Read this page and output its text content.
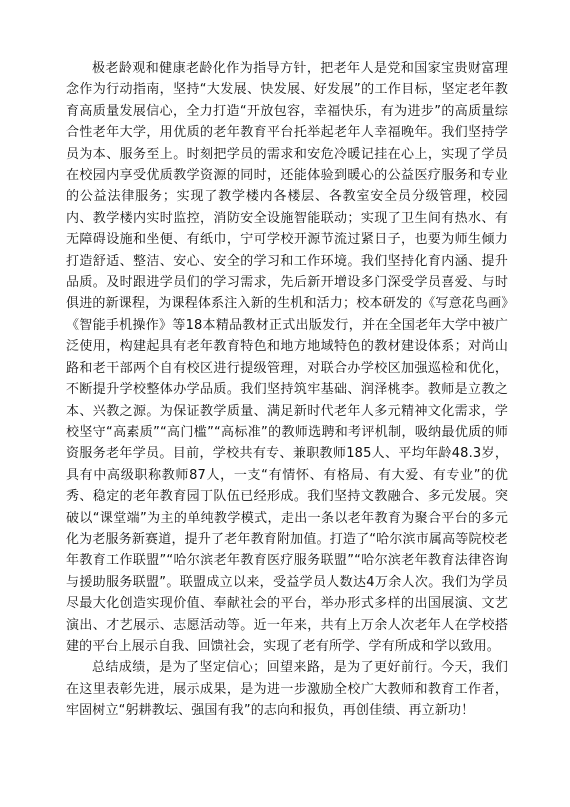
极老龄观和健康老龄化作为指导方针，把老年人是党和国家宝贵财富理念作为行动指南，坚持“大发展、快发展、好发展”的工作目标，坚定老年教育高质量发展信心，全力打造“开放包容，幸福快乐，有为进步”的高质量综合性老年大学，用优质的老年教育平台托举起老年人幸福晚年。我们坚持学员为本、服务至上。时刻把学员的需求和安危冷暖记挂在心上，实现了学员在校园内享受优质教学资源的同时，还能体验到暖心的公益医疗服务和专业的公益法律服务；实现了教学楼内各楼层、各教室安全员分级管理，校园内、教学楼内实时监控，消防安全设施智能联动；实现了卫生间有热水、有无障碍设施和坐便、有纸巾，宁可学校开源节流过紧日子，也要为师生倾力打造舒适、整洁、安心、安全的学习和工作环境。我们坚持化育内涵、提升品质。及时跟进学员们的学习需求，先后新开增设多门深受学员喜爱、与时俱进的新课程，为课程体系注入新的生机和活力；校本研发的《写意花鸟画》《智能手机操作》等18本精品教材正式出版发行，并在全国老年大学中被广泛使用，构建起具有老年教育特色和地方地域特色的教材建设体系；对尚山路和老干部两个自有校区进行提级管理，对联合办学校区加强巡检和优化，不断提升学校整体办学品质。我们坚持筑牢基础、润泽桃李。教师是立教之本、兴教之源。为保证教学质量、满足新时代老年人多元精神文化需求，学校坚守“高素质”“高门槛”“高标准”的教师选聘和考评机制，吸纳最优质的师资服务老年学员。目前，学校共有专、兼职教师185人、平均年龄48.3岁，具有中高级职称教师87人，一支“有情怀、有格局、有大爱、有专业”的优秀、稳定的老年教育园丁队伍已经形成。我们坚持文教融合、多元发展。突破以“课堂端”为主的单纯教学模式，走出一条以老年教育为聚合平台的多元化为老服务新赛道，提升了老年教育附加值。打造了“哈尔滨市属高等院校老年教育工作联盟”“哈尔滨老年教育医疗服务联盟”“哈尔滨老年教育法律咨询与援助服务联盟”。联盟成立以来，受益学员人数达4万余人次。我们为学员尽最大化创造实现价值、奉献社会的平台，举办形式多样的出国展演、文艺演出、才艺展示、志愿活动等。近一年来，共有上万余人次老年人在学校搭建的平台上展示自我、回馈社会，实现了老有所学、学有所成和学以致用。

总结成绩，是为了坚定信心；回望来路，是为了更好前行。今天，我们在这里表彰先进，展示成果，是为进一步激励全校广大教师和教育工作者，牢固树立“躬耕教坛、强国有我”的志向和报负，再创佳绩、再立新功！
